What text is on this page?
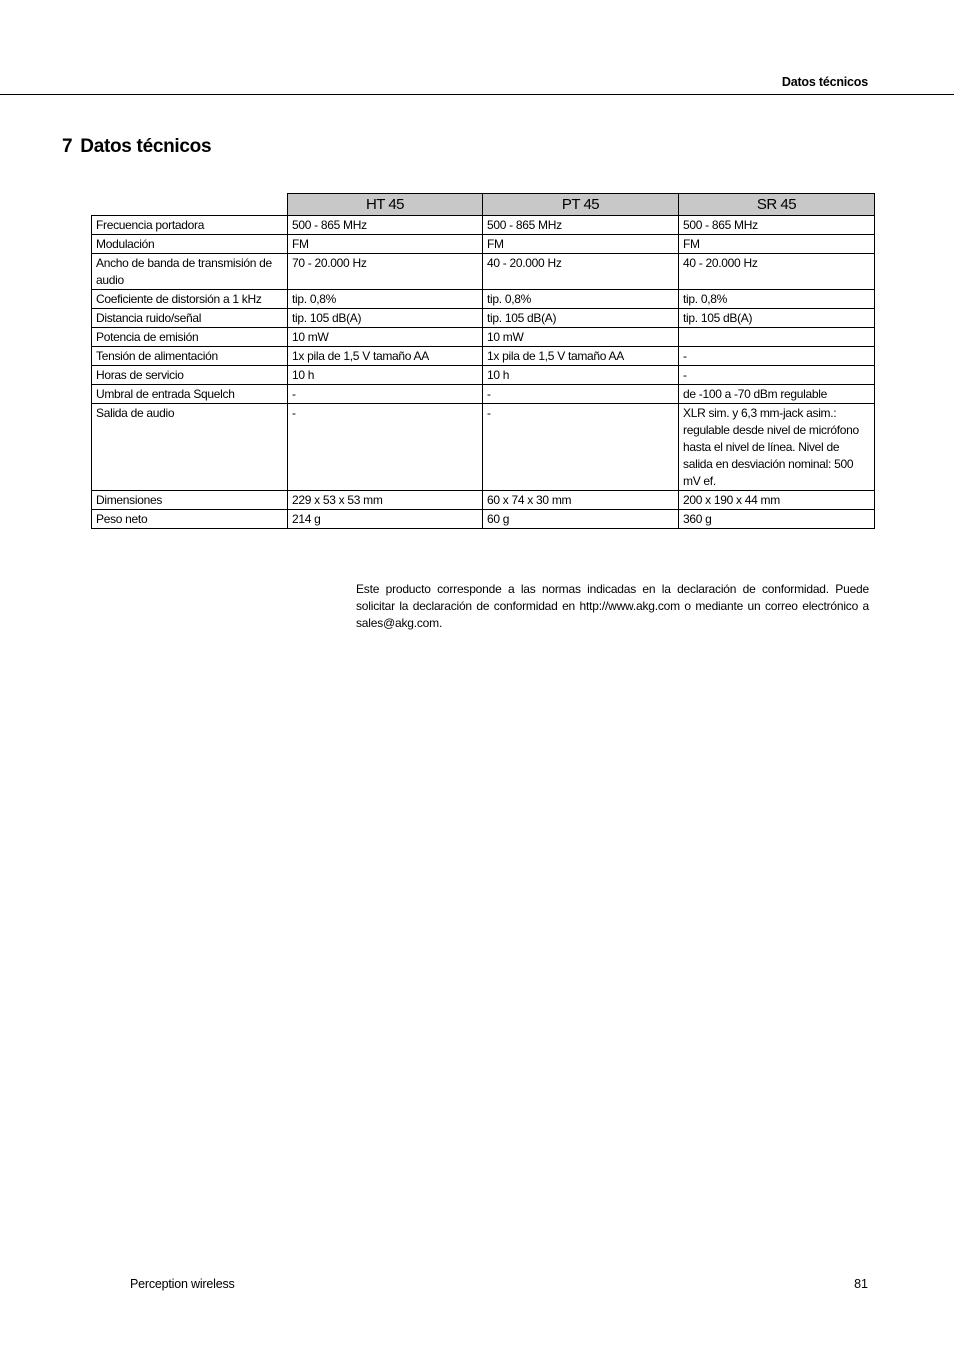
Datos técnicos
7 Datos técnicos
	HT 45	PT 45	SR 45
Frecuencia portadora	500 - 865 MHz	500 - 865 MHz	500 - 865 MHz
Modulación	FM	FM	FM
Ancho de banda de transmisión de audio	70 - 20.000 Hz	40 - 20.000 Hz	40 - 20.000 Hz
Coeficiente de distorsión a 1 kHz	tip. 0,8%	tip. 0,8%	tip. 0,8%
Distancia ruido/señal	tip. 105 dB(A)	tip. 105 dB(A)	tip. 105 dB(A)
Potencia de emisión	10 mW	10 mW	
Tensión de alimentación	1x pila de 1,5 V tamaño AA	1x pila de 1,5 V tamaño AA	-
Horas de servicio	10 h	10 h	-
Umbral de entrada Squelch	-	-	de -100 a -70 dBm regulable
Salida de audio	-	-	XLR sim. y 6,3 mm-jack asim.: regulable desde nivel de micrófono hasta el nivel de línea. Nivel de salida en desviación nominal: 500 mV ef.
Dimensiones	229 x 53 x 53 mm	60 x 74 x 30 mm	200 x 190 x 44 mm
Peso neto	214 g	60 g	360 g

Este producto corresponde a las normas indicadas en la declaración de conformidad. Puede solicitar la declaración de conformidad en http://www.akg.com o mediante un correo electrónico a sales@akg.com.

Perception wireless	81
